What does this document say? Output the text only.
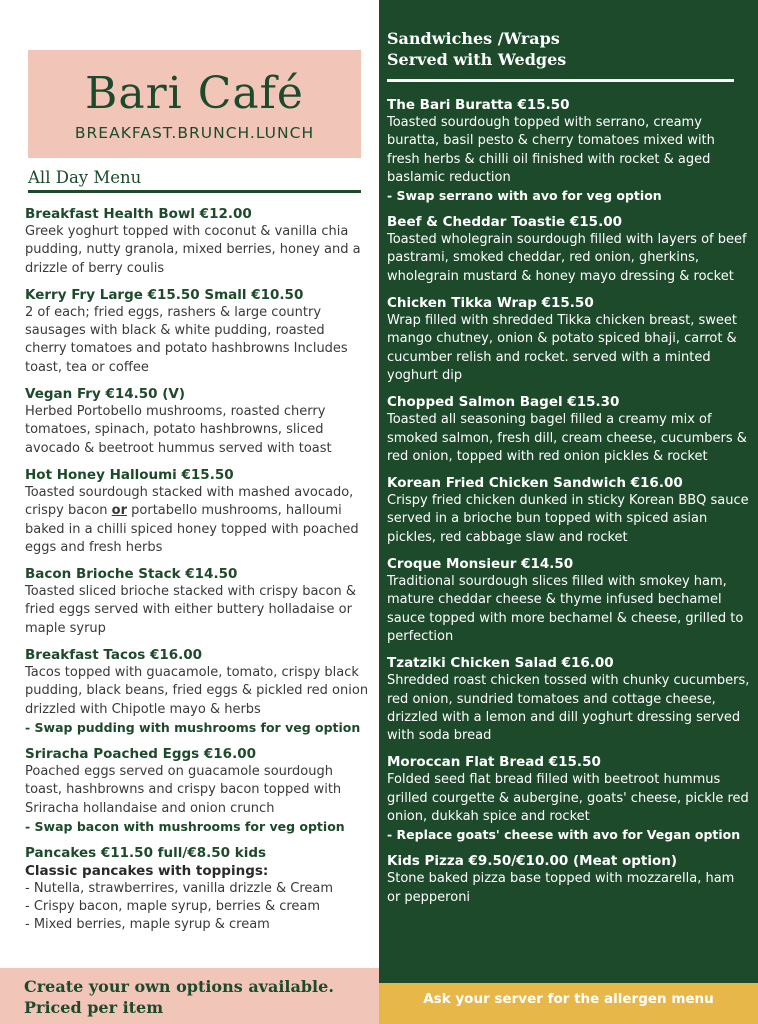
Bari Café
BREAKFAST.BRUNCH.LUNCH
All Day Menu
Breakfast Health Bowl €12.00
Greek yoghurt topped with coconut & vanilla chia pudding, nutty granola, mixed berries, honey and a drizzle of berry coulis
Kerry Fry Large €15.50 Small €10.50
2 of each; fried eggs, rashers & large country sausages with black & white pudding, roasted cherry tomatoes and potato hashbrowns Includes toast, tea or coffee
Vegan Fry €14.50 (V)
Herbed Portobello mushrooms, roasted cherry tomatoes, spinach, potato hashbrowns, sliced avocado & beetroot hummus served with toast
Hot Honey Halloumi €15.50
Toasted sourdough stacked with mashed avocado, crispy bacon or portabello mushrooms, halloumi baked in a chilli spiced honey topped with poached eggs and fresh herbs
Bacon Brioche Stack €14.50
Toasted sliced brioche stacked with crispy bacon & fried eggs served with either buttery holladaise or maple syrup
Breakfast Tacos €16.00
Tacos topped with guacamole, tomato, crispy black pudding, black beans, fried eggs & pickled red onion drizzled with Chipotle mayo & herbs
- Swap pudding with mushrooms for veg option
Sriracha Poached Eggs €16.00
Poached eggs served on guacamole sourdough toast, hashbrowns and crispy bacon topped with Sriracha hollandaise and onion crunch
- Swap bacon with mushrooms for veg option
Pancakes €11.50 full/€8.50 kids
Classic pancakes with toppings:
- Nutella, strawberrires, vanilla drizzle & Cream
- Crispy bacon, maple syrup, berries & cream
- Mixed berries, maple syrup & cream
Create your own options available.
Priced per item
Sandwiches /Wraps
Served with Wedges
The Bari Buratta €15.50
Toasted sourdough topped with serrano, creamy buratta, basil pesto & cherry tomatoes mixed with fresh herbs & chilli oil finished with rocket & aged baslamic reduction
- Swap serrano with avo for veg option
Beef & Cheddar Toastie €15.00
Toasted wholegrain sourdough filled with layers of beef pastrami, smoked cheddar, red onion, gherkins, wholegrain mustard & honey mayo dressing & rocket
Chicken Tikka Wrap €15.50
Wrap filled with shredded Tikka chicken breast, sweet mango chutney, onion & potato spiced bhaji, carrot & cucumber relish and rocket. served with a minted yoghurt dip
Chopped Salmon Bagel €15.30
Toasted all seasoning bagel filled a creamy mix of smoked salmon, fresh dill, cream cheese, cucumbers & red onion, topped with red onion pickles & rocket
Korean Fried Chicken Sandwich €16.00
Crispy fried chicken dunked in sticky Korean BBQ sauce served in a brioche bun topped with spiced asian pickles, red cabbage slaw and rocket
Croque Monsieur €14.50
Traditional sourdough slices filled with smokey ham, mature cheddar cheese & thyme infused bechamel sauce topped with more bechamel & cheese, grilled to perfection
Tzatziki Chicken Salad €16.00
Shredded roast chicken tossed with chunky cucumbers, red onion, sundried tomatoes and cottage cheese, drizzled with a lemon and dill yoghurt dressing served with soda bread
Moroccan Flat Bread €15.50
Folded seed flat bread filled with beetroot hummus grilled courgette & aubergine, goats' cheese, pickle red onion, dukkah spice and rocket
- Replace goats' cheese with avo for Vegan option
Kids Pizza €9.50/€10.00 (Meat option)
Stone baked pizza base topped with mozzarella, ham or pepperoni
Ask your server for the allergen menu
